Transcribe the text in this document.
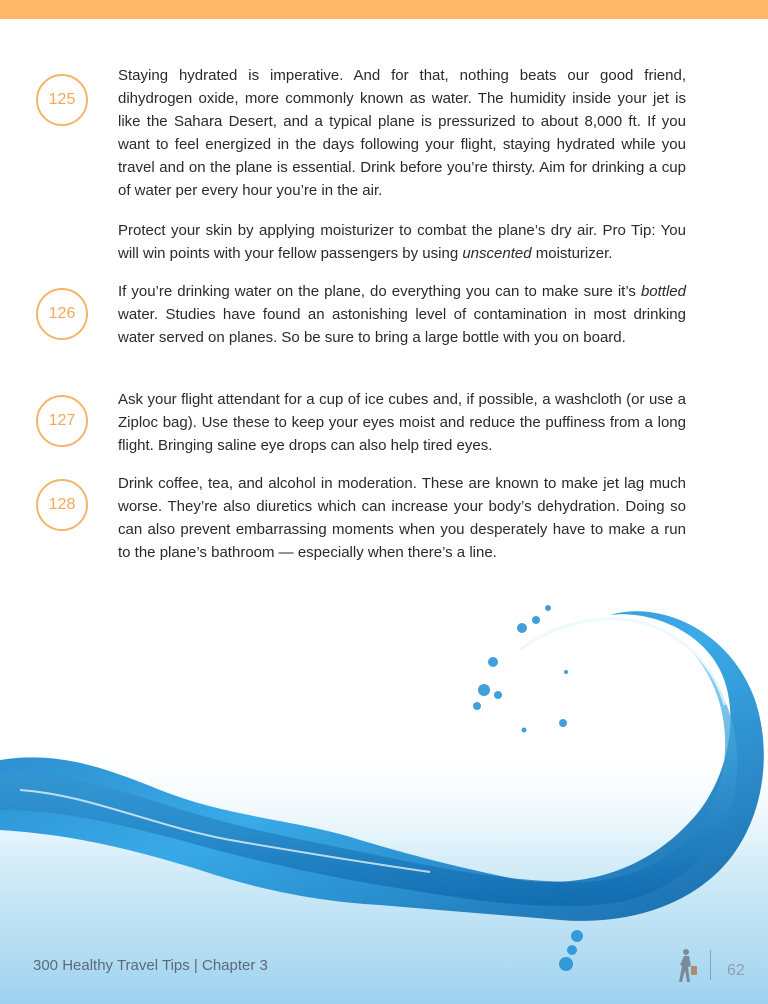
125

Staying hydrated is imperative. And for that, nothing beats our good friend, dihydrogen oxide, more commonly known as water. The humidity inside your jet is like the Sahara Desert, and a typical plane is pressurized to about 8,000 ft. If you want to feel energized in the days following your flight, staying hydrated while you travel and on the plane is essential. Drink before you’re thirsty. Aim for drinking a cup of water per every hour you’re in the air.

Protect your skin by applying moisturizer to combat the plane’s dry air. Pro Tip: You will win points with your fellow passengers by using unscented moisturizer.

126

If you’re drinking water on the plane, do everything you can to make sure it’s bottled water. Studies have found an astonishing level of contamination in most drinking water served on planes. So be sure to bring a large bottle with you on board.

127

Ask your flight attendant for a cup of ice cubes and, if possible, a washcloth (or use a Ziploc bag). Use these to keep your eyes moist and reduce the puffiness from a long flight. Bringing saline eye drops can also help tired eyes.

128

Drink coffee, tea, and alcohol in moderation. These are known to make jet lag much worse. They’re also diuretics which can increase your body’s dehydration. Doing so can also prevent embarrassing moments when you desperately have to make a run to the plane’s bathroom — especially when there’s a line.

300 Healthy Travel Tips | Chapter 3	62
